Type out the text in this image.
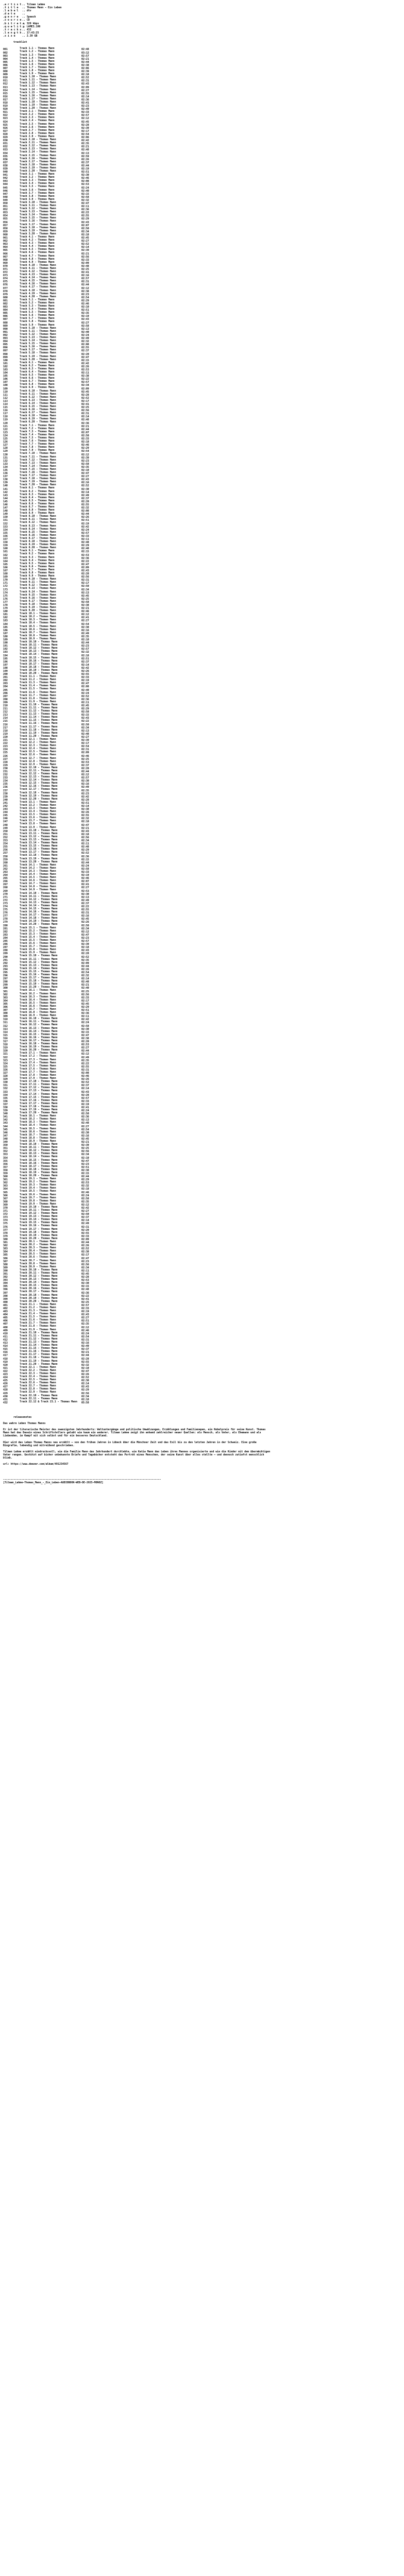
.a r t i s t .. Tilman Lahme
.t i t l e .. Thomas Mann - Ein Leben
.l a b e l .. dtv
.d a t e	..
.g e n r e .. Speech
.s o u r c e .. CD
.b i t r a t e.. 320 kbps
.q u a l i t y.. LAME3.100
.t r a c k s .. 432
.l e n g t h .. 17:43:25
.s i z e	.. 2.39 GB
tracklist
001	Track 1.1 - Thomas Mann	02:48
002	Track 1.2 - Thomas Mann	03:12
003	Track 1.3 - Thomas Mann	02:57
004	Track 1.4 - Thomas Mann	02:21
005	Track 1.5 - Thomas Mann	02:44
006	Track 1.6 - Thomas Mann	02:38
007	Track 1.7 - Thomas Mann	02:06
008	Track 1.8 - Thomas Mann	02:39
009	Track 1.9 - Thomas Mann	02:18
010	Track 1.10 - Thomas Mann	02:52
011	Track 1.11 - Thomas Mann	02:31
012	Track 1.12 - Thomas Mann	02:43
013	Track 1.13 - Thomas Mann	02:09
014	Track 1.14 - Thomas Mann	02:27
015	Track 1.15 - Thomas Mann	02:55
016	Track 1.16 - Thomas Mann	02:14
017	Track 1.17 - Thomas Mann	02:36
018	Track 1.18 - Thomas Mann	02:41
019	Track 1.19 - Thomas Mann	02:23
020	Track 1.20 - Thomas Mann	02:49
021	Track 2.1 - Thomas Mann	02:33
022	Track 2.2 - Thomas Mann	02:57
023	Track 2.3 - Thomas Mann	02:12
024	Track 2.4 - Thomas Mann	02:45
025	Track 2.5 - Thomas Mann	02:28
026	Track 2.6 - Thomas Mann	02:39
027	Track 2.7 - Thomas Mann	02:17
028	Track 2.8 - Thomas Mann	02:54
029	Track 2.9 - Thomas Mann	02:06
030	Track 2.10 - Thomas Mann	02:42
031	Track 2.11 - Thomas Mann	02:35
032	Track 2.12 - Thomas Mann	02:21
033	Track 2.13 - Thomas Mann	02:48
034	Track 2.14 - Thomas Mann	02:13
035	Track 2.15 - Thomas Mann	02:59
036	Track 2.16 - Thomas Mann	02:26
037	Track 2.17 - Thomas Mann	02:37
038	Track 2.18 - Thomas Mann	02:44
039	Track 2.19 - Thomas Mann	02:19
040	Track 2.20 - Thomas Mann	02:51
041	Track 3.1 - Thomas Mann	02:30
042	Track 3.2 - Thomas Mann	02:46
043	Track 3.3 - Thomas Mann	02:08
044	Track 3.4 - Thomas Mann	02:53
045	Track 3.5 - Thomas Mann	02:24
046	Track 3.6 - Thomas Mann	02:40
047	Track 3.7 - Thomas Mann	02:15
048	Track 3.8 - Thomas Mann	02:58
049	Track 3.9 - Thomas Mann	02:32
050	Track 3.10 - Thomas Mann	02:47
051	Track 3.11 - Thomas Mann	02:11
052	Track 3.12 - Thomas Mann	02:36
053	Track 3.13 - Thomas Mann	02:22
054	Track 3.14 - Thomas Mann	02:55
055	Track 3.15 - Thomas Mann	02:29
056	Track 3.16 - Thomas Mann	02:43
057	Track 3.17 - Thomas Mann	02:07
058	Track 3.18 - Thomas Mann	02:50
059	Track 3.19 - Thomas Mann	02:34
060	Track 3.20 - Thomas Mann	02:18
061	Track 4.1 - Thomas Mann	02:45
062	Track 4.2 - Thomas Mann	02:27
063	Track 4.3 - Thomas Mann	02:52
064	Track 4.4 - Thomas Mann	02:14
065	Track 4.5 - Thomas Mann	02:39
066	Track 4.6 - Thomas Mann	02:21
067	Track 4.7 - Thomas Mann	02:56
068	Track 4.8 - Thomas Mann	02:33
069	Track 4.9 - Thomas Mann	02:09
070	Track 4.10 - Thomas Mann	02:48
071	Track 4.11 - Thomas Mann	02:25
072	Track 4.12 - Thomas Mann	02:41
073	Track 4.13 - Thomas Mann	02:16
074	Track 4.14 - Thomas Mann	02:57
075	Track 4.15 - Thomas Mann	02:31
076	Track 4.16 - Thomas Mann	02:44
077	Track 4.17 - Thomas Mann	02:12
078	Track 4.18 - Thomas Mann	02:38
079	Track 4.19 - Thomas Mann	02:23
080	Track 4.20 - Thomas Mann	02:54
081	Track 5.1 - Thomas Mann	02:29
082	Track 5.2 - Thomas Mann	02:46
083	Track 5.3 - Thomas Mann	02:10
084	Track 5.4 - Thomas Mann	02:51
085	Track 5.5 - Thomas Mann	02:35
086	Track 5.6 - Thomas Mann	02:19
087	Track 5.7 - Thomas Mann	02:43
088	Track 5.8 - Thomas Mann	02:27
089	Track 5.9 - Thomas Mann	02:58
090	Track 5.10 - Thomas Mann	02:13
091	Track 5.11 - Thomas Mann	02:40
092	Track 5.12 - Thomas Mann	02:24
093	Track 5.13 - Thomas Mann	02:49
094	Track 5.14 - Thomas Mann	02:32
095	Track 5.15 - Thomas Mann	02:08
096	Track 5.16 - Thomas Mann	02:55
097	Track 5.17 - Thomas Mann	02:37
098	Track 5.18 - Thomas Mann	02:20
099	Track 5.19 - Thomas Mann	02:47
100	Track 5.20 - Thomas Mann	02:15
101	Track 6.1 - Thomas Mann	02:42
102	Track 6.2 - Thomas Mann	02:26
103	Track 6.3 - Thomas Mann	02:53
104	Track 6.4 - Thomas Mann	02:11
105	Track 6.5 - Thomas Mann	02:38
106	Track 6.6 - Thomas Mann	02:22
107	Track 6.7 - Thomas Mann	02:57
108	Track 6.8 - Thomas Mann	02:34
109	Track 6.9 - Thomas Mann	02:09
110	Track 6.10 - Thomas Mann	02:45
111	Track 6.11 - Thomas Mann	02:28
112	Track 6.12 - Thomas Mann	02:52
113	Track 6.13 - Thomas Mann	02:17
114	Track 6.14 - Thomas Mann	02:41
115	Track 6.15 - Thomas Mann	02:25
116	Track 6.16 - Thomas Mann	02:56
117	Track 6.17 - Thomas Mann	02:31
118	Track 6.18 - Thomas Mann	02:14
119	Track 6.19 - Thomas Mann	02:48
120	Track 6.20 - Thomas Mann	02:36
121	Track 7.1 - Thomas Mann	02:21
122	Track 7.2 - Thomas Mann	02:44
123	Track 7.3 - Thomas Mann	02:07
124	Track 7.4 - Thomas Mann	02:50
125	Track 7.5 - Thomas Mann	02:33
126	Track 7.6 - Thomas Mann	02:18
127	Track 7.7 - Thomas Mann	02:46
128	Track 7.8 - Thomas Mann	02:29
129	Track 7.9 - Thomas Mann	02:54
130	Track 7.10 - Thomas Mann	02:12
131	Track 7.11 - Thomas Mann	02:39
132	Track 7.12 - Thomas Mann	02:23
133	Track 7.13 - Thomas Mann	02:58
134	Track 7.14 - Thomas Mann	02:35
135	Track 7.15 - Thomas Mann	02:10
136	Track 7.16 - Thomas Mann	02:47
137	Track 7.17 - Thomas Mann	02:27
138	Track 7.18 - Thomas Mann	02:43
139	Track 7.19 - Thomas Mann	02:16
140	Track 7.20 - Thomas Mann	02:52
141	Track 8.1 - Thomas Mann	02:30
142	Track 8.2 - Thomas Mann	02:14
143	Track 8.3 - Thomas Mann	02:49
144	Track 8.4 - Thomas Mann	02:37
145	Track 8.5 - Thomas Mann	02:20
146	Track 8.6 - Thomas Mann	02:55
147	Track 8.7 - Thomas Mann	02:32
148	Track 8.8 - Thomas Mann	02:08
149	Track 8.9 - Thomas Mann	02:44
150	Track 8.10 - Thomas Mann	02:26
151	Track 8.11 - Thomas Mann	02:51
152	Track 8.12 - Thomas Mann	02:19
153	Track 8.13 - Thomas Mann	02:42
154	Track 8.14 - Thomas Mann	02:24
155	Track 8.15 - Thomas Mann	02:57
156	Track 8.16 - Thomas Mann	02:33
157	Track 8.17 - Thomas Mann	02:11
158	Track 8.18 - Thomas Mann	02:48
159	Track 8.19 - Thomas Mann	02:29
160	Track 8.20 - Thomas Mann	02:40
161	Track 9.1 - Thomas Mann	02:15
162	Track 9.2 - Thomas Mann	02:53
163	Track 9.3 - Thomas Mann	02:36
164	Track 9.4 - Thomas Mann	02:22
165	Track 9.5 - Thomas Mann	02:47
166	Track 9.6 - Thomas Mann	02:09
167	Track 9.7 - Thomas Mann	02:43
168	Track 9.8 - Thomas Mann	02:28
169	Track 9.9 - Thomas Mann	02:56
170	Track 9.10 - Thomas Mann	02:31
171	Track 9.11 - Thomas Mann	02:17
172	Track 9.12 - Thomas Mann	02:50
173	Track 9.13 - Thomas Mann	02:34
174	Track 9.14 - Thomas Mann	02:13
175	Track 9.15 - Thomas Mann	02:45
176	Track 9.16 - Thomas Mann	02:25
177	Track 9.17 - Thomas Mann	02:58
178	Track 9.18 - Thomas Mann	02:38
179	Track 9.19 - Thomas Mann	02:21
180	Track 9.20 - Thomas Mann	02:46
181	Track 10.1 - Thomas Mann	02:12
182	Track 10.2 - Thomas Mann	02:41
183	Track 10.3 - Thomas Mann	02:27
184	Track 10.4 - Thomas Mann	02:54
185	Track 10.5 - Thomas Mann	02:30
186	Track 10.6 - Thomas Mann	02:16
187	Track 10.7 - Thomas Mann	02:49
188	Track 10.8 - Thomas Mann	02:35
189	Track 10.9 - Thomas Mann	02:10
190	Track 10.10 - Thomas Mann	02:44
191	Track 10.11 - Thomas Mann	02:23
192	Track 10.12 - Thomas Mann	02:57
193	Track 10.13 - Thomas Mann	02:32
194	Track 10.14 - Thomas Mann	02:18
195	Track 10.15 - Thomas Mann	02:51
196	Track 10.16 - Thomas Mann	02:37
197	Track 10.17 - Thomas Mann	02:14
198	Track 10.18 - Thomas Mann	02:42
199	Track 10.19 - Thomas Mann	02:26
200	Track 10.20 - Thomas Mann	02:55
201	Track 11.1 - Thomas Mann	02:33
202	Track 11.2 - Thomas Mann	02:19
203	Track 11.3 - Thomas Mann	02:47
204	Track 11.4 - Thomas Mann	02:08
205	Track 11.5 - Thomas Mann	02:40
206	Track 11.6 - Thomas Mann	02:24
207	Track 11.7 - Thomas Mann	02:52
208	Track 11.8 - Thomas Mann	02:36
209	Track 11.9 - Thomas Mann	02:11
210	Track 11.10 - Thomas Mann	02:45
211	Track 11.11 - Thomas Mann	02:29
212	Track 11.12 - Thomas Mann	02:58
213	Track 11.13 - Thomas Mann	02:15
214	Track 11.14 - Thomas Mann	02:43
215	Track 11.15 - Thomas Mann	02:22
216	Track 11.16 - Thomas Mann	02:50
217	Track 11.17 - Thomas Mann	02:34
218	Track 11.18 - Thomas Mann	02:13
219	Track 11.19 - Thomas Mann	02:48
220	Track 11.20 - Thomas Mann	02:27
221	Track 12.1 - Thomas Mann	02:39
222	Track 12.2 - Thomas Mann	02:17
223	Track 12.3 - Thomas Mann	02:54
224	Track 12.4 - Thomas Mann	02:31
225	Track 12.5 - Thomas Mann	02:09
226	Track 12.6 - Thomas Mann	02:46
227	Track 12.7 - Thomas Mann	02:25
228	Track 12.8 - Thomas Mann	02:53
229	Track 12.9 - Thomas Mann	02:37
230	Track 12.10 - Thomas Mann	02:20
231	Track 12.11 - Thomas Mann	02:44
232	Track 12.12 - Thomas Mann	02:12
233	Track 12.13 - Thomas Mann	02:57
234	Track 12.14 - Thomas Mann	02:30
235	Track 12.15 - Thomas Mann	02:16
236	Track 12.16 - Thomas Mann	02:49
237	Track 12.17 - Thomas Mann	02:35
238	Track 12.18 - Thomas Mann	02:23
239	Track 12.19 - Thomas Mann	02:42
240	Track 12.20 - Thomas Mann	02:28
241	Track 13.1 - Thomas Mann	02:51
242	Track 13.2 - Thomas Mann	02:14
243	Track 13.3 - Thomas Mann	02:38
244	Track 13.4 - Thomas Mann	02:26
245	Track 13.5 - Thomas Mann	02:55
246	Track 13.6 - Thomas Mann	02:32
247	Track 13.7 - Thomas Mann	02:10
248	Track 13.8 - Thomas Mann	02:47
249	Track 13.9 - Thomas Mann	02:21
250	Track 13.10 - Thomas Mann	02:43
251	Track 13.11 - Thomas Mann	02:18
252	Track 13.12 - Thomas Mann	02:56
253	Track 13.13 - Thomas Mann	02:34
254	Track 13.14 - Thomas Mann	02:11
255	Track 13.15 - Thomas Mann	02:48
256	Track 13.16 - Thomas Mann	02:29
257	Track 13.17 - Thomas Mann	02:52
258	Track 13.18 - Thomas Mann	02:36
259	Track 13.19 - Thomas Mann	02:15
260	Track 13.20 - Thomas Mann	02:44
261	Track 14.1 - Thomas Mann	02:24
262	Track 14.2 - Thomas Mann	02:58
263	Track 14.3 - Thomas Mann	02:33
264	Track 14.4 - Thomas Mann	02:19
265	Track 14.5 - Thomas Mann	02:46
266	Track 14.6 - Thomas Mann	02:07
267	Track 14.7 - Thomas Mann	02:41
268	Track 14.8 - Thomas Mann	02:27
269	Track 14.9 - Thomas Mann	02:53
270	Track 14.10 - Thomas Mann	02:30
271	Track 14.11 - Thomas Mann	02:13
272	Track 14.12 - Thomas Mann	02:49
273	Track 14.13 - Thomas Mann	02:37
274	Track 14.14 - Thomas Mann	02:22
275	Track 14.15 - Thomas Mann	02:55
276	Track 14.16 - Thomas Mann	02:31
277	Track 14.17 - Thomas Mann	02:16
278	Track 14.18 - Thomas Mann	02:45
279	Track 14.19 - Thomas Mann	02:26
280	Track 14.20 - Thomas Mann	02:50
281	Track 15.1 - Thomas Mann	02:34
282	Track 15.2 - Thomas Mann	02:12
283	Track 15.3 - Thomas Mann	02:47
284	Track 15.4 - Thomas Mann	02:23
285	Track 15.5 - Thomas Mann	02:57
286	Track 15.6 - Thomas Mann	02:39
287	Track 15.7 - Thomas Mann	02:18
288	Track 15.8 - Thomas Mann	02:43
289	Track 15.9 - Thomas Mann	02:28
290	Track 15.10 - Thomas Mann	02:52
291	Track 15.11 - Thomas Mann	02:35
292	Track 15.12 - Thomas Mann	02:09
293	Track 15.13 - Thomas Mann	02:44
294	Track 15.14 - Thomas Mann	02:26
295	Track 15.15 - Thomas Mann	02:54
296	Track 15.16 - Thomas Mann	02:32
297	Track 15.17 - Thomas Mann	02:14
298	Track 15.18 - Thomas Mann	02:48
299	Track 15.19 - Thomas Mann	02:21
300	Track 15.20 - Thomas Mann	02:40
301	Track 16.1 - Thomas Mann	02:25
302	Track 16.2 - Thomas Mann	02:56
303	Track 16.3 - Thomas Mann	02:33
304	Track 16.4 - Thomas Mann	02:17
305	Track 16.5 - Thomas Mann	02:45
306	Track 16.6 - Thomas Mann	02:29
307	Track 16.7 - Thomas Mann	02:51
308	Track 16.8 - Thomas Mann	02:36
309	Track 16.9 - Thomas Mann	02:11
310	Track 16.10 - Thomas Mann	02:42
311	Track 16.11 - Thomas Mann	02:24
312	Track 16.12 - Thomas Mann	02:58
313	Track 16.13 - Thomas Mann	02:30
314	Track 16.14 - Thomas Mann	02:15
315	Track 16.15 - Thomas Mann	02:47
316	Track 16.16 - Thomas Mann	02:38
317	Track 16.17 - Thomas Mann	02:20
318	Track 16.18 - Thomas Mann	02:53
319	Track 16.19 - Thomas Mann	02:27
320	Track 16.20 - Thomas Mann	02:44
321	Track 17.1 - Thomas Mann	02:12
322	Track 17.2 - Thomas Mann	02:49
323	Track 17.3 - Thomas Mann	02:35
324	Track 17.4 - Thomas Mann	02:22
325	Track 17.5 - Thomas Mann	02:55
326	Track 17.6 - Thomas Mann	02:31
327	Track 17.7 - Thomas Mann	02:08
328	Track 17.8 - Thomas Mann	02:46
329	Track 17.9 - Thomas Mann	02:26
330	Track 17.10 - Thomas Mann	02:52
331	Track 17.11 - Thomas Mann	02:37
332	Track 17.12 - Thomas Mann	02:14
333	Track 17.13 - Thomas Mann	02:43
334	Track 17.14 - Thomas Mann	02:28
335	Track 17.15 - Thomas Mann	02:57
336	Track 17.16 - Thomas Mann	02:33
337	Track 17.17 - Thomas Mann	02:19
338	Track 17.18 - Thomas Mann	02:41
339	Track 17.19 - Thomas Mann	02:24
340	Track 17.20 - Thomas Mann	02:50
341	Track 18.1 - Thomas Mann	02:36
342	Track 18.2 - Thomas Mann	02:13
343	Track 18.3 - Thomas Mann	02:48
344	Track 18.4 - Thomas Mann	02:27
345	Track 18.5 - Thomas Mann	02:54
346	Track 18.6 - Thomas Mann	02:30
347	Track 18.7 - Thomas Mann	02:16
348	Track 18.8 - Thomas Mann	02:45
349	Track 18.9 - Thomas Mann	02:21
350	Track 18.10 - Thomas Mann	02:39
351	Track 18.11 - Thomas Mann	02:25
352	Track 18.12 - Thomas Mann	02:56
353	Track 18.13 - Thomas Mann	02:34
354	Track 18.14 - Thomas Mann	02:10
355	Track 18.15 - Thomas Mann	02:47
356	Track 18.16 - Thomas Mann	02:23
357	Track 18.17 - Thomas Mann	02:51
358	Track 18.18 - Thomas Mann	02:38
359	Track 18.19 - Thomas Mann	02:15
360	Track 18.20 - Thomas Mann	02:44
361	Track 19.1 - Thomas Mann	02:29
362	Track 19.2 - Thomas Mann	02:53
363	Track 19.3 - Thomas Mann	02:32
364	Track 19.4 - Thomas Mann	02:18
365	Track 19.5 - Thomas Mann	02:46
366	Track 19.6 - Thomas Mann	02:24
367	Track 19.7 - Thomas Mann	02:58
368	Track 19.8 - Thomas Mann	02:35
369	Track 19.9 - Thomas Mann	02:12
370	Track 19.10 - Thomas Mann	02:42
371	Track 19.11 - Thomas Mann	02:27
372	Track 19.12 - Thomas Mann	02:50
373	Track 19.13 - Thomas Mann	02:37
374	Track 19.14 - Thomas Mann	02:14
375	Track 19.15 - Thomas Mann	02:49
376	Track 19.16 - Thomas Mann	02:31
377	Track 19.17 - Thomas Mann	02:20
378	Track 19.18 - Thomas Mann	02:55
379	Track 19.19 - Thomas Mann	02:33
380	Track 19.20 - Thomas Mann	02:09
381	Track 20.1 - Thomas Mann	02:44
382	Track 20.2 - Thomas Mann	02:26
383	Track 20.3 - Thomas Mann	02:52
384	Track 20.4 - Thomas Mann	02:38
385	Track 20.5 - Thomas Mann	02:17
386	Track 20.6 - Thomas Mann	02:47
387	Track 20.7 - Thomas Mann	02:23
388	Track 20.8 - Thomas Mann	02:56
389	Track 20.9 - Thomas Mann	02:34
390	Track 20.10 - Thomas Mann	02:11
391	Track 20.11 - Thomas Mann	02:45
392	Track 20.12 - Thomas Mann	02:28
393	Track 20.13 - Thomas Mann	02:53
394	Track 20.14 - Thomas Mann	02:30
395	Track 20.15 - Thomas Mann	02:15
396	Track 20.16 - Thomas Mann	02:48
397	Track 20.17 - Thomas Mann	02:36
398	Track 20.18 - Thomas Mann	02:22
399	Track 20.19 - Thomas Mann	02:41
400	Track 20.20 - Thomas Mann	02:25
401	Track 21.1 - Thomas Mann	02:57
402	Track 21.2 - Thomas Mann	02:33
403	Track 21.3 - Thomas Mann	02:19
404	Track 21.4 - Thomas Mann	02:43
405	Track 21.5 - Thomas Mann	02:27
406	Track 21.6 - Thomas Mann	02:51
407	Track 21.7 - Thomas Mann	02:35
408	Track 21.8 - Thomas Mann	02:12
409	Track 21.9 - Thomas Mann	02:46
410	Track 21.10 - Thomas Mann	02:24
411	Track 21.11 - Thomas Mann	02:54
412	Track 21.12 - Thomas Mann	02:31
413	Track 21.13 - Thomas Mann	02:16
414	Track 21.14 - Thomas Mann	02:49
415	Track 21.15 - Thomas Mann	02:37
416	Track 21.16 - Thomas Mann	02:21
417	Track 21.17 - Thomas Mann	02:44
418	Track 21.18 - Thomas Mann	02:28
419	Track 21.19 - Thomas Mann	02:55
420	Track 21.20 - Thomas Mann	02:32
421	Track 22.1 - Thomas Mann	02:10
422	Track 22.2 - Thomas Mann	02:47
423	Track 22.3 - Thomas Mann	02:26
424	Track 22.4 - Thomas Mann	02:52
425	Track 22.5 - Thomas Mann	02:38
426	Track 22.6 - Thomas Mann	02:14
427	Track 22.7 - Thomas Mann	02:43
428	Track 22.8 - Thomas Mann	02:29
429	Track 22.9 - Thomas Mann	02:56
430	Track 22.10 - Thomas Mann	02:34
431	Track 22.11 - Thomas Mann	02:18
432	Track 22.12 & Track 23.1 - Thomas Mann 05:58
releasenotes
Das wahre Leben Thomas Manns
Er ist der literarische Meister des zwanzigsten Jahrhunderts: Weltuntergänge und politische Umwälzungen, Erzählungen und Familienepen, ein Nobelpreis für seine Kunst. Thomas Mann hat das Dasein eines Schriftstellers gelebt wie kaum ein anderer. Tilman Lahme zeigt ihn anhand zahlreicher neuer Quellen: als Mensch, als Vater, als Ehemann und als Liebenden, im Kampf mit sich selbst und für ein besseres Deutschland.
Hier wird das Leben Thomas Manns neu erzählt – von den frühen Jahren in Lübeck über die Münchner Zeit und das Exil bis zu den letzten Jahren in der Schweiz. Eine große Biografie, lebendig und mitreißend geschrieben.
Tilman Lahme erzählt eindrucksvoll, wie die Familie Mann das Jahrhundert durchlebte, wie Katia Mann das Leben ihres Mannes organisierte und wie die Kinder mit dem übermächtigen Vater rangen. Gestützt auf bisher unbekannte Briefe und Tagebücher entsteht das Porträt eines Menschen, der seine Kunst über alles stellte – und dennoch zutiefst menschlich blieb.
url: https://www.deezer.com/album/491234567
--------------------------------------------------------------------------------------------------------
[Tilman_Lahme-Thomas_Mann_-_Ein_Leben-AUDIOBOOK-WEB-DE-2025-MONOZ]
